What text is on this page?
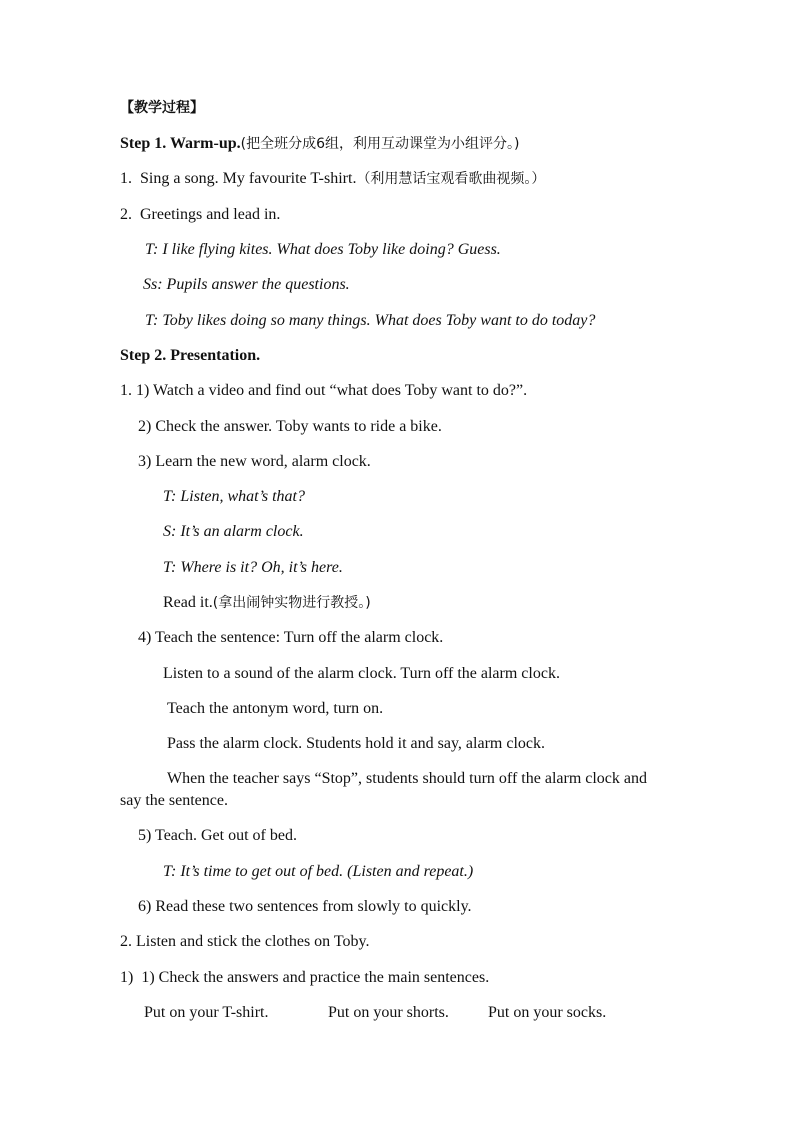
【教学过程】
Step 1. Warm-up.(把全班分成6组，利用互动课堂为小组评分。)
1. Sing a song. My favourite T-shirt.（利用慧话宝观看歌曲视频。）
2. Greetings and lead in.
T: I like flying kites. What does Toby like doing? Guess.
Ss: Pupils answer the questions.
T: Toby likes doing so many things. What does Toby want to do today?
Step 2. Presentation.
1. 1) Watch a video and find out “what does Toby want to do?”.
2) Check the answer. Toby wants to ride a bike.
3) Learn the new word, alarm clock.
T: Listen, what’s that?
S: It’s an alarm clock.
T: Where is it? Oh, it’s here.
Read it.(拿出闹钟实物进行教授。)
4) Teach the sentence: Turn off the alarm clock.
Listen to a sound of the alarm clock. Turn off the alarm clock.
Teach the antonym word, turn on.
Pass the alarm clock. Students hold it and say, alarm clock.
When the teacher says “Stop”, students should turn off the alarm clock and say the sentence.
5) Teach. Get out of bed.
T: It’s time to get out of bed. (Listen and repeat.)
6) Read these two sentences from slowly to quickly.
2. Listen and stick the clothes on Toby.
1)  1) Check the answers and practice the main sentences.
Put on your T-shirt.	Put on your shorts. Put on your socks.
